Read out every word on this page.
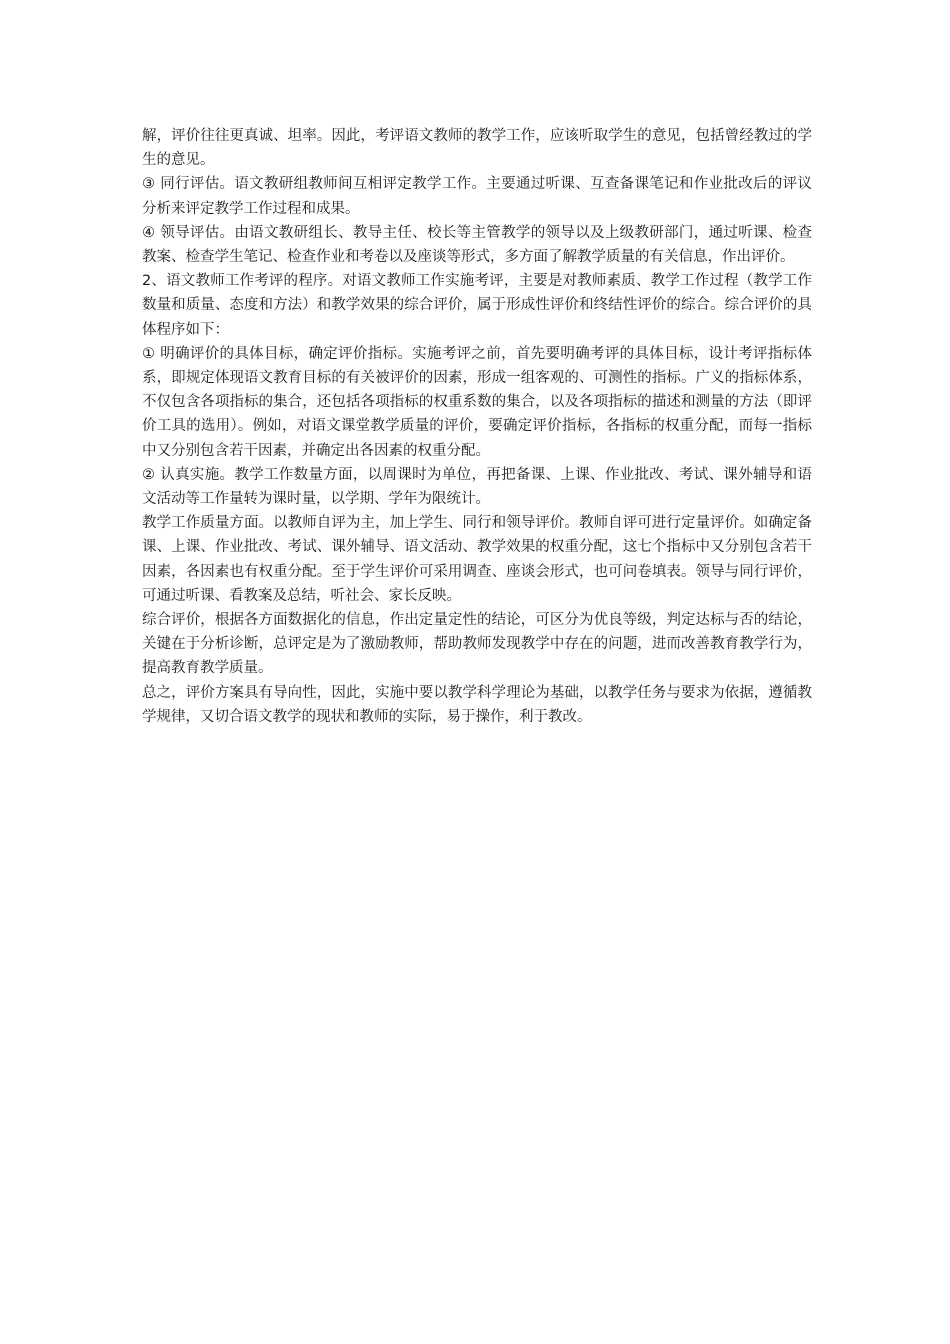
解，评价往往更真诚、坦率。因此，考评语文教师的教学工作，应该听取学生的意见，包括曾经教过的学生的意见。

③ 同行评估。语文教研组教师间互相评定教学工作。主要通过听课、互查备课笔记和作业批改后的评议分析来评定教学工作过程和成果。

④ 领导评估。由语文教研组长、教导主任、校长等主管教学的领导以及上级教研部门，通过听课、检查教案、检查学生笔记、检查作业和考卷以及座谈等形式，多方面了解教学质量的有关信息，作出评价。

2、语文教师工作考评的程序。对语文教师工作实施考评，主要是对教师素质、教学工作过程（教学工作数量和质量、态度和方法）和教学效果的综合评价，属于形成性评价和终结性评价的综合。综合评价的具体程序如下：

① 明确评价的具体目标，确定评价指标。实施考评之前，首先要明确考评的具体目标，设计考评指标体系，即规定体现语文教育目标的有关被评价的因素，形成一组客观的、可测性的指标。广义的指标体系，不仅包含各项指标的集合，还包括各项指标的权重系数的集合，以及各项指标的描述和测量的方法（即评价工具的选用）。例如，对语文课堂教学质量的评价，要确定评价指标，各指标的权重分配，而每一指标中又分别包含若干因素，并确定出各因素的权重分配。

② 认真实施。教学工作数量方面，以周课时为单位，再把备课、上课、作业批改、考试、课外辅导和语文活动等工作量转为课时量，以学期、学年为限统计。

教学工作质量方面。以教师自评为主，加上学生、同行和领导评价。教师自评可进行定量评价。如确定备课、上课、作业批改、考试、课外辅导、语文活动、教学效果的权重分配，这七个指标中又分别包含若干因素，各因素也有权重分配。至于学生评价可采用调查、座谈会形式，也可问卷填表。领导与同行评价，可通过听课、看教案及总结，听社会、家长反映。

综合评价，根据各方面数据化的信息，作出定量定性的结论，可区分为优良等级，判定达标与否的结论，关键在于分析诊断，总评定是为了激励教师，帮助教师发现教学中存在的问题，进而改善教育教学行为，提高教育教学质量。

总之，评价方案具有导向性，因此，实施中要以教学科学理论为基础，以教学任务与要求为依据，遵循教学规律，又切合语文教学的现状和教师的实际，易于操作，利于教改。
